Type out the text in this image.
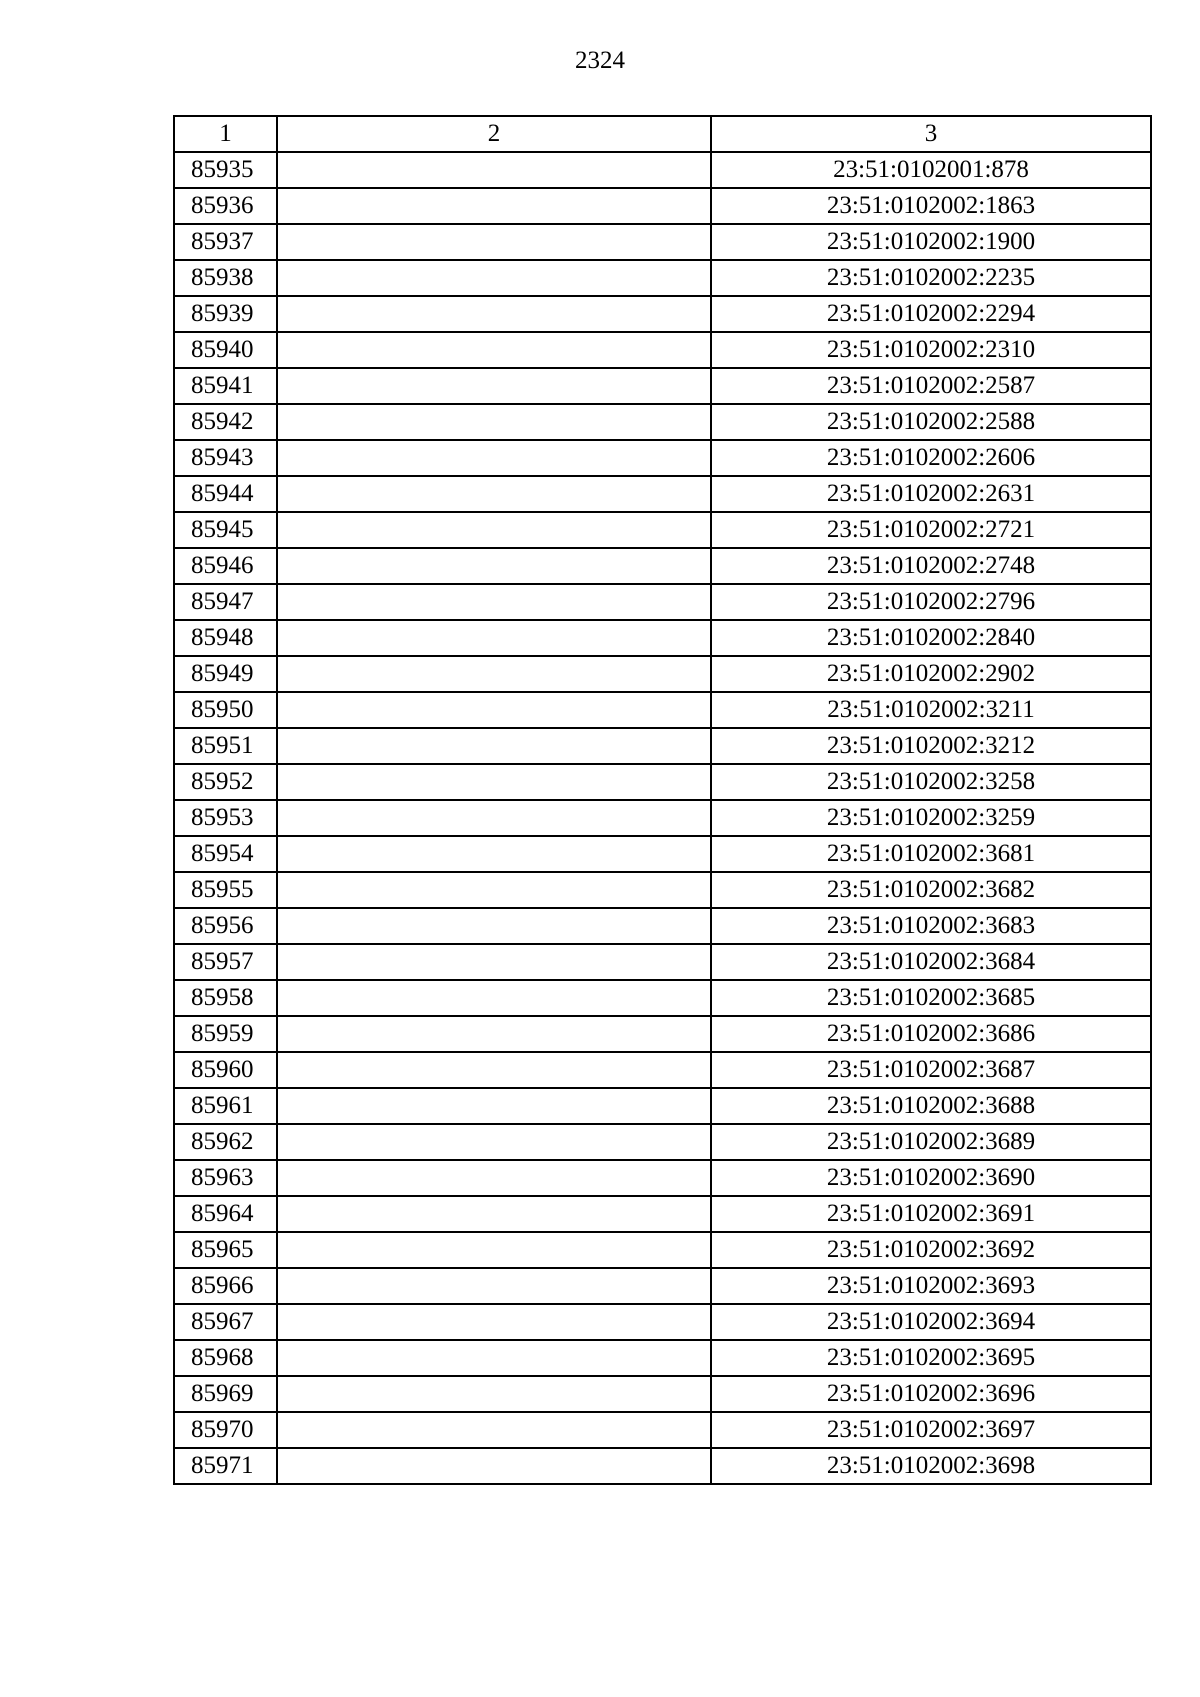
2324
1	2	3
85935		23:51:0102001:878
85936		23:51:0102002:1863
85937		23:51:0102002:1900
85938		23:51:0102002:2235
85939		23:51:0102002:2294
85940		23:51:0102002:2310
85941		23:51:0102002:2587
85942		23:51:0102002:2588
85943		23:51:0102002:2606
85944		23:51:0102002:2631
85945		23:51:0102002:2721
85946		23:51:0102002:2748
85947		23:51:0102002:2796
85948		23:51:0102002:2840
85949		23:51:0102002:2902
85950		23:51:0102002:3211
85951		23:51:0102002:3212
85952		23:51:0102002:3258
85953		23:51:0102002:3259
85954		23:51:0102002:3681
85955		23:51:0102002:3682
85956		23:51:0102002:3683
85957		23:51:0102002:3684
85958		23:51:0102002:3685
85959		23:51:0102002:3686
85960		23:51:0102002:3687
85961		23:51:0102002:3688
85962		23:51:0102002:3689
85963		23:51:0102002:3690
85964		23:51:0102002:3691
85965		23:51:0102002:3692
85966		23:51:0102002:3693
85967		23:51:0102002:3694
85968		23:51:0102002:3695
85969		23:51:0102002:3696
85970		23:51:0102002:3697
85971		23:51:0102002:3698
